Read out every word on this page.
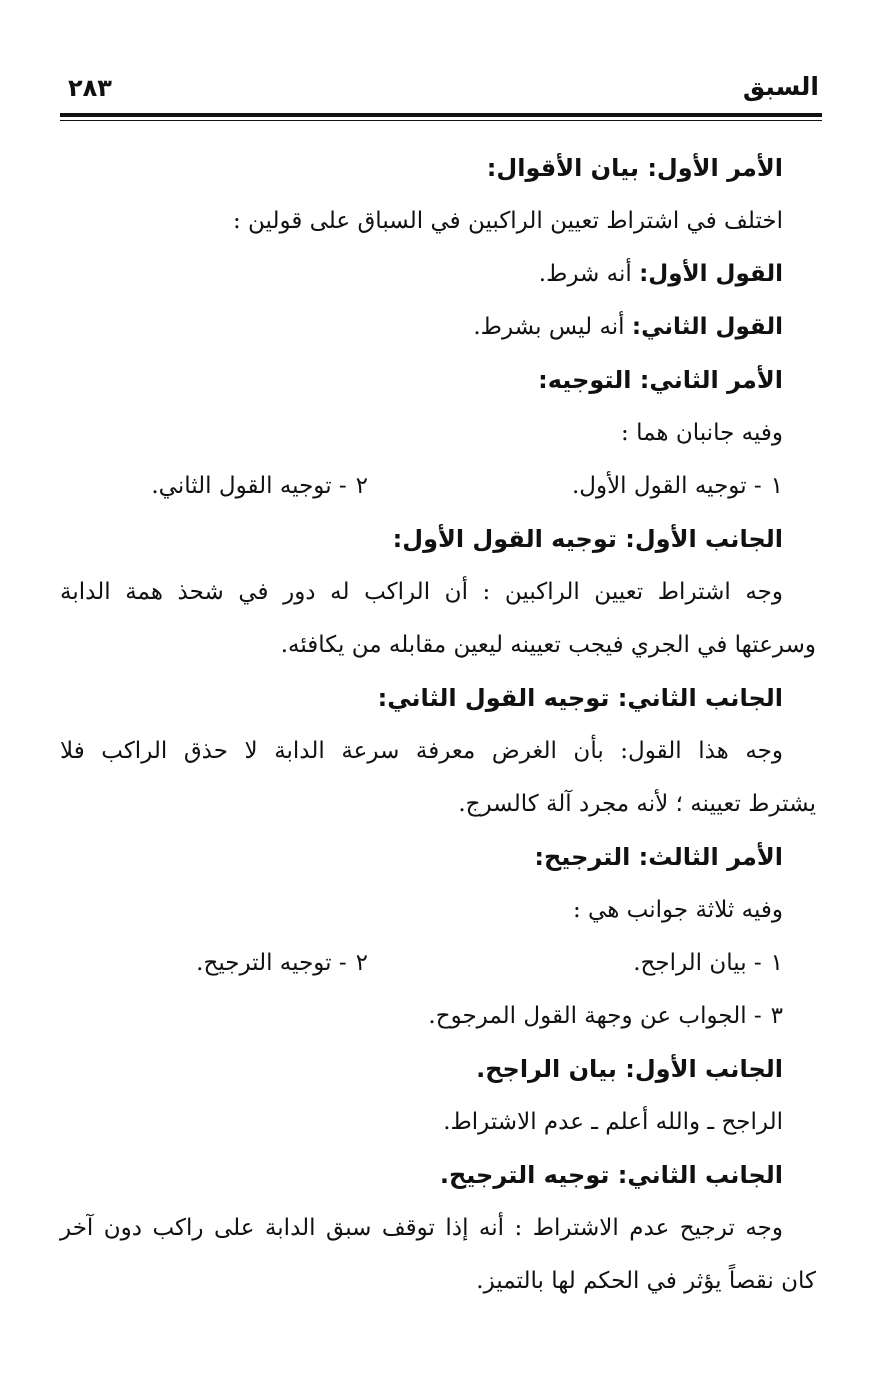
السبق
٢٨٣
الأمر الأول: بيان الأقوال:
اختلف في اشتراط تعيين الراكبين في السباق على قولين :
القول الأول: أنه شرط.
القول الثاني: أنه ليس بشرط.
الأمر الثاني: التوجيه:
وفيه جانبان هما :
١ - توجيه القول الأول.
٢ - توجيه القول الثاني.
الجانب الأول: توجيه القول الأول:
وجه اشتراط تعيين الراكبين : أن الراكب له دور في شحذ همة الدابة
وسرعتها في الجري فيجب تعيينه ليعين مقابله من يكافئه.
الجانب الثاني: توجيه القول الثاني:
وجه هذا القول: بأن الغرض معرفة سرعة الدابة لا حذق الراكب فلا
يشترط تعيينه ؛ لأنه مجرد آلة كالسرج.
الأمر الثالث: الترجيح:
وفيه ثلاثة جوانب هي :
١ - بيان الراجح.
٢ - توجيه الترجيح.
٣ - الجواب عن وجهة القول المرجوح.
الجانب الأول: بيان الراجح.
الراجح ـ والله أعلم ـ عدم الاشتراط.
الجانب الثاني: توجيه الترجيح.
وجه ترجيح عدم الاشتراط : أنه إذا توقف سبق الدابة على راكب دون آخر
كان نقصاً يؤثر في الحكم لها بالتميز.
